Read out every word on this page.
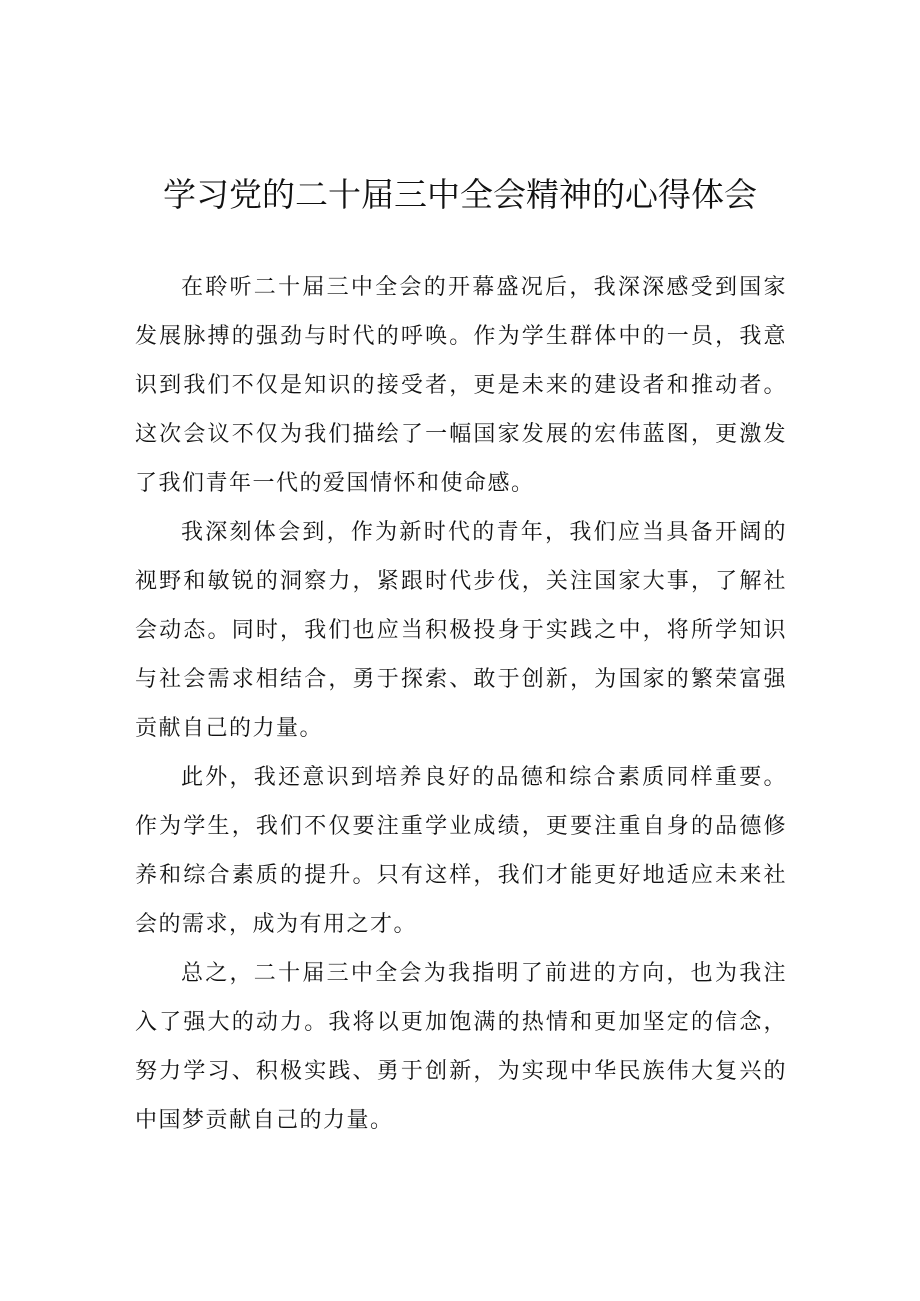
学习党的二十届三中全会精神的心得体会

在聆听二十届三中全会的开幕盛况后，我深深感受到国家发展脉搏的强劲与时代的呼唤。作为学生群体中的一员，我意识到我们不仅是知识的接受者，更是未来的建设者和推动者。这次会议不仅为我们描绘了一幅国家发展的宏伟蓝图，更激发了我们青年一代的爱国情怀和使命感。

我深刻体会到，作为新时代的青年，我们应当具备开阔的视野和敏锐的洞察力，紧跟时代步伐，关注国家大事，了解社会动态。同时，我们也应当积极投身于实践之中，将所学知识与社会需求相结合，勇于探索、敢于创新，为国家的繁荣富强贡献自己的力量。

此外，我还意识到培养良好的品德和综合素质同样重要。作为学生，我们不仅要注重学业成绩，更要注重自身的品德修养和综合素质的提升。只有这样，我们才能更好地适应未来社会的需求，成为有用之才。

总之，二十届三中全会为我指明了前进的方向，也为我注入了强大的动力。我将以更加饱满的热情和更加坚定的信念，努力学习、积极实践、勇于创新，为实现中华民族伟大复兴的中国梦贡献自己的力量。
